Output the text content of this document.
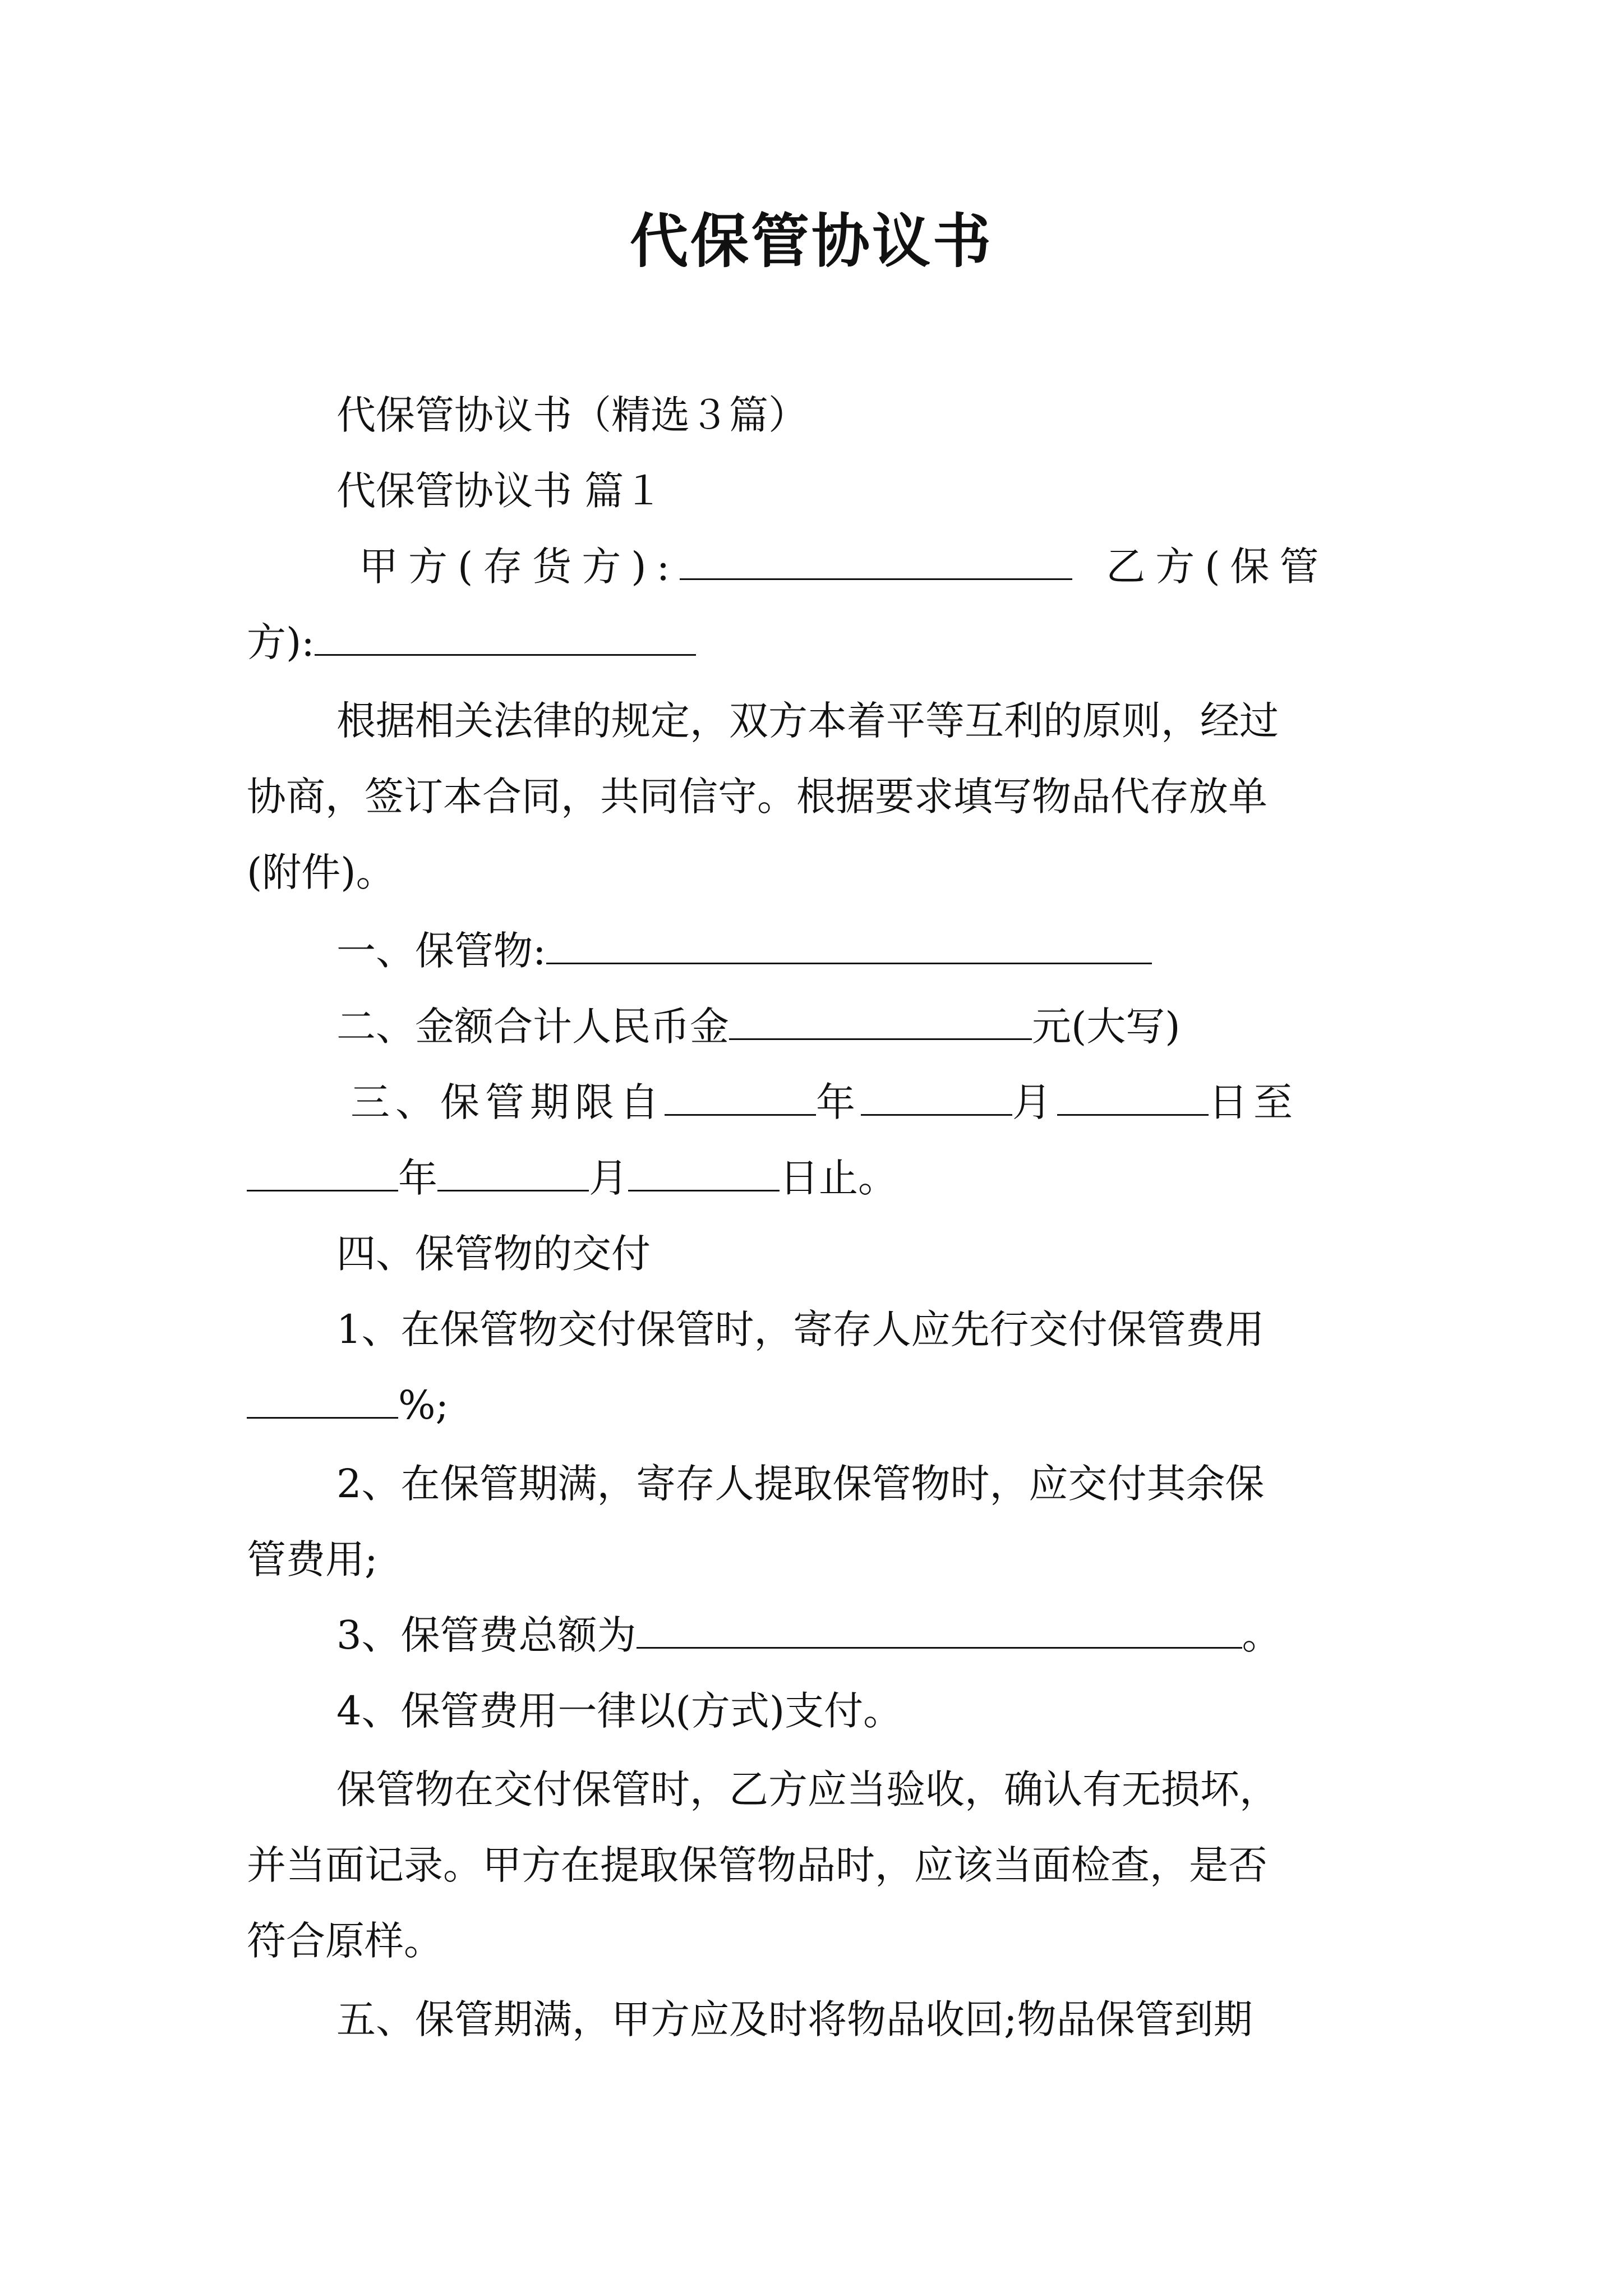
代保管协议书
代保管协议书（精选３篇）
代保管协议书 篇１
甲方(存货方):	乙方(保管
方):
根据相关法律的规定，双方本着平等互利的原则，经过
协商，签订本合同，共同信守。根据要求填写物品代存放单
(附件)。
一、保管物:
二、金额合计人民币金	元(大写)
三、保管期限自	年	月	日至
年	月	日止。
四、保管物的交付
1、在保管物交付保管时，寄存人应先行交付保管费用
%;
2、在保管期满，寄存人提取保管物时，应交付其余保
管费用;
3、保管费总额为	。
4、保管费用一律以(方式)支付。
保管物在交付保管时，乙方应当验收，确认有无损坏，
并当面记录。甲方在提取保管物品时，应该当面检查，是否
符合原样。
五、保管期满，甲方应及时将物品收回;物品保管到期
